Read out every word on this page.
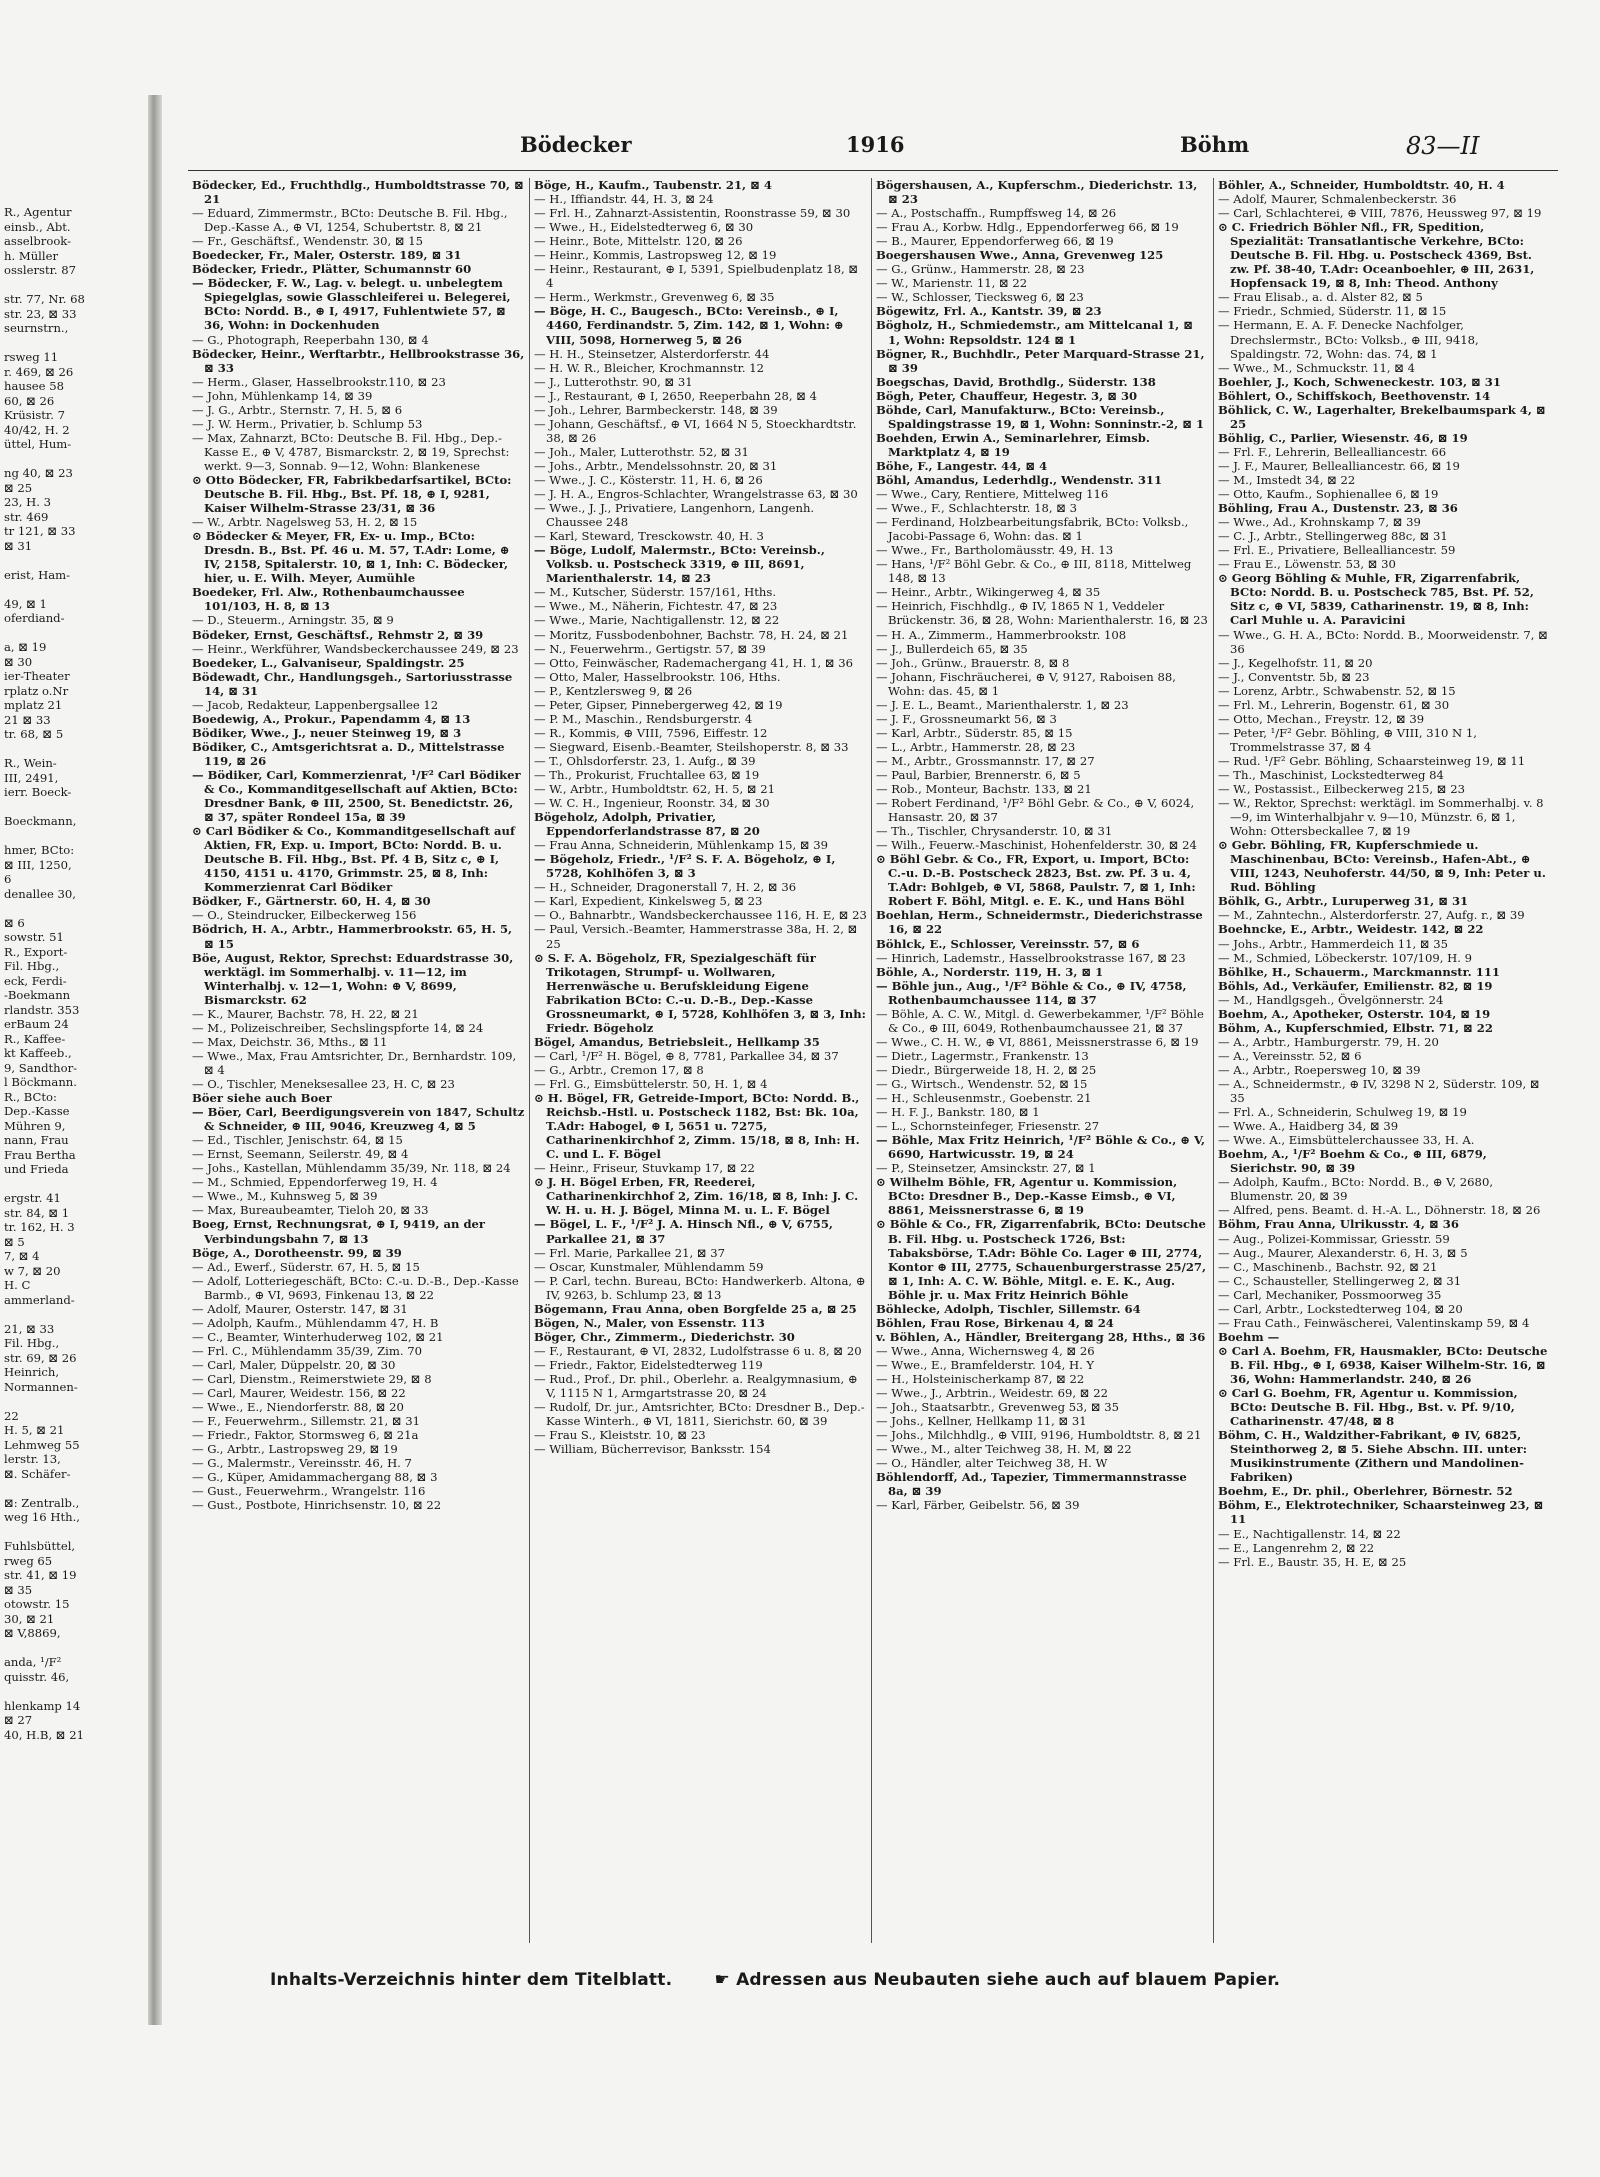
R., Agentur
einsb., Abt.
asselbrook-
h. Müller
osslerstr. 87

str. 77, Nr. 68
str. 23, ⊠ 33
seurnstrn.,

rsweg 11
r. 469, ⊠ 26
hausee 58
60, ⊠ 26
Krüsistr. 7
40/42, H. 2
üttel, Hum-

ng 40, ⊠ 23
⊠ 25
23, H. 3
str. 469
tr 121, ⊠ 33
⊠ 31

erist, Ham-

49, ⊠ 1
oferdiand-

a, ⊠ 19
⊠ 30
ier-Theater
rplatz o.Nr
mplatz 21
21 ⊠ 33
tr. 68, ⊠ 5

R., Wein-
III, 2491,
ierr. Boeck-

Boeckmann,

hmer, BCto:
⊠ III, 1250,
6
denallee 30,

⊠ 6
sowstr. 51
R., Export-
Fil. Hbg.,
eck, Ferdi-
-Boekmann
rlandstr. 353
erBaum 24
R., Kaffee-
kt Kaffeeb.,
9, Sandthor-
l Böckmann.
R., BCto:
Dep.-Kasse
Mühren 9,
nann, Frau
Frau Bertha
und Frieda

ergstr. 41
str. 84, ⊠ 1
tr. 162, H. 3
⊠ 5
7, ⊠ 4
w 7, ⊠ 20
H. C
ammerland-

21, ⊠ 33
Fil. Hbg.,
str. 69, ⊠ 26
Heinrich,
Normannen-

22
H. 5, ⊠ 21
Lehmweg 55
lerstr. 13,
⊠. Schäfer-

⊠: Zentralb.,
weg 16 Hth.,

Fuhlsbüttel,
rweg 65
str. 41, ⊠ 19
⊠ 35
otowstr. 15
30, ⊠ 21
⊠ V,8869,

anda, ¹/F²
quisstr. 46,

hlenkamp 14
⊠ 27
40, H.B, ⊠ 21
Bödecker	1916	Böhm	83—II

Bödecker, Ed., Fruchthdlg., Humboldtstrasse 70, ⊠ 21

— Eduard, Zimmermstr., BCto: Deutsche B. Fil. Hbg., Dep.-Kasse A., ⊕ VI, 1254, Schubertstr. 8, ⊠ 21

— Fr., Geschäftsf., Wendenstr. 30, ⊠ 15

Boedecker, Fr., Maler, Osterstr. 189, ⊠ 31

Bödecker, Friedr., Plätter, Schumannstr 60

— Bödecker, F. W., Lag. v. belegt. u. unbelegtem Spiegelglas, sowie Glasschleiferei u. Belegerei, BCto: Nordd. B., ⊕ I, 4917, Fuhlentwiete 57, ⊠ 36, Wohn: in Dockenhuden

— G., Photograph, Reeperbahn 130, ⊠ 4

Bödecker, Heinr., Werftarbtr., Hellbrookstrasse 36, ⊠ 33

— Herm., Glaser, Hasselbrookstr.110, ⊠ 23

— John, Mühlenkamp 14, ⊠ 39

— J. G., Arbtr., Sternstr. 7, H. 5, ⊠ 6

— J. W. Herm., Privatier, b. Schlump 53

— Max, Zahnarzt, BCto: Deutsche B. Fil. Hbg., Dep.-Kasse E., ⊕ V, 4787, Bismarckstr. 2, ⊠ 19, Sprechst: werkt. 9—3, Sonnab. 9—12, Wohn: Blankenese

⊙ Otto Bödecker, FR, Fabrikbedarfsartikel, BCto: Deutsche B. Fil. Hbg., Bst. Pf. 18, ⊕ I, 9281, Kaiser Wilhelm-Strasse 23/31, ⊠ 36

— W., Arbtr. Nagelsweg 53, H. 2, ⊠ 15

⊙ Bödecker & Meyer, FR, Ex- u. Imp., BCto: Dresdn. B., Bst. Pf. 46 u. M. 57, T.Adr: Lome, ⊕ IV, 2158, Spitalerstr. 10, ⊠ 1, Inh: C. Bödecker, hier, u. E. Wilh. Meyer, Aumühle

Boedeker, Frl. Alw., Rothenbaumchaussee 101/103, H. 8, ⊠ 13

— D., Steuerm., Arningstr. 35, ⊠ 9

Bödeker, Ernst, Geschäftsf., Rehmstr 2, ⊠ 39

— Heinr., Werkführer, Wandsbeckerchaussee 249, ⊠ 23

Boedeker, L., Galvaniseur, Spaldingstr. 25

Bödewadt, Chr., Handlungsgeh., Sartoriusstrasse 14, ⊠ 31

— Jacob, Redakteur, Lappenbergsallee 12

Boedewig, A., Prokur., Papendamm 4, ⊠ 13

Bödiker, Wwe., J., neuer Steinweg 19, ⊠ 3

Bödiker, C., Amtsgerichtsrat a. D., Mittelstrasse 119, ⊠ 26

— Bödiker, Carl, Kommerzienrat, ¹/F² Carl Bödiker & Co., Kommanditgesellschaft auf Aktien, BCto: Dresdner Bank, ⊕ III, 2500, St. Benedictstr. 26, ⊠ 37, später Rondeel 15a, ⊠ 39

⊙ Carl Bödiker & Co., Kommanditgesellschaft auf Aktien, FR, Exp. u. Import, BCto: Nordd. B. u. Deutsche B. Fil. Hbg., Bst. Pf. 4 B, Sitz c, ⊕ I, 4150, 4151 u. 4170, Grimmstr. 25, ⊠ 8, Inh: Kommerzienrat Carl Bödiker

Bödker, F., Gärtnerstr. 60, H. 4, ⊠ 30

— O., Steindrucker, Eilbeckerweg 156

Bödrich, H. A., Arbtr., Hammerbrookstr. 65, H. 5, ⊠ 15

Böe, August, Rektor, Sprechst: Eduardstrasse 30, werktägl. im Sommerhalbj. v. 11—12, im Winterhalbj. v. 12—1, Wohn: ⊕ V, 8699, Bismarckstr. 62

— K., Maurer, Bachstr. 78, H. 22, ⊠ 21

— M., Polizeischreiber, Sechslingspforte 14, ⊠ 24

— Max, Deichstr. 36, Mths., ⊠ 11

— Wwe., Max, Frau Amtsrichter, Dr., Bernhardstr. 109, ⊠ 4

— O., Tischler, Meneksesallee 23, H. C, ⊠ 23

Böer siehe auch Boer

— Böer, Carl, Beerdigungsverein von 1847, Schultz & Schneider, ⊕ III, 9046, Kreuzweg 4, ⊠ 5

— Ed., Tischler, Jenischstr. 64, ⊠ 15

— Ernst, Seemann, Seilerstr. 49, ⊠ 4

— Johs., Kastellan, Mühlendamm 35/39, Nr. 118, ⊠ 24

— M., Schmied, Eppendorferweg 19, H. 4

— Wwe., M., Kuhnsweg 5, ⊠ 39

— Max, Bureaubeamter, Tieloh 20, ⊠ 33

Boeg, Ernst, Rechnungsrat, ⊕ I, 9419, an der Verbindungsbahn 7, ⊠ 13

Böge, A., Dorotheenstr. 99, ⊠ 39

— Ad., Ewerf., Süderstr. 67, H. 5, ⊠ 15

— Adolf, Lotteriegeschäft, BCto: C.-u. D.-B., Dep.-Kasse Barmb., ⊕ VI, 9693, Finkenau 13, ⊠ 22

— Adolf, Maurer, Osterstr. 147, ⊠ 31

— Adolph, Kaufm., Mühlendamm 47, H. B

— C., Beamter, Winterhuderweg 102, ⊠ 21

— Frl. C., Mühlendamm 35/39, Zim. 70

— Carl, Maler, Düppelstr. 20, ⊠ 30

— Carl, Dienstm., Reimerstwiete 29, ⊠ 8

— Carl, Maurer, Weidestr. 156, ⊠ 22

— Wwe., E., Niendorferstr. 88, ⊠ 20

— F., Feuerwehrm., Sillemstr. 21, ⊠ 31

— Friedr., Faktor, Stormsweg 6, ⊠ 21a

— G., Arbtr., Lastropsweg 29, ⊠ 19

— G., Malermstr., Vereinsstr. 46, H. 7

— G., Küper, Amidammachergang 88, ⊠ 3

— Gust., Feuerwehrm., Wrangelstr. 116

— Gust., Postbote, Hinrichsenstr. 10, ⊠ 22

Böge, H., Kaufm., Taubenstr. 21, ⊠ 4

— H., Iffiandstr. 44, H. 3, ⊠ 24

— Frl. H., Zahnarzt-Assistentin, Roonstrasse 59, ⊠ 30

— Wwe., H., Eidelstedterweg 6, ⊠ 30

— Heinr., Bote, Mittelstr. 120, ⊠ 26

— Heinr., Kommis, Lastropsweg 12, ⊠ 19

— Heinr., Restaurant, ⊕ I, 5391, Spielbudenplatz 18, ⊠ 4

— Herm., Werkmstr., Grevenweg 6, ⊠ 35

— Böge, H. C., Baugesch., BCto: Vereinsb., ⊕ I, 4460, Ferdinandstr. 5, Zim. 142, ⊠ 1, Wohn: ⊕ VIII, 5098, Hornerweg 5, ⊠ 26

— H. H., Steinsetzer, Alsterdorferstr. 44

— H. W. R., Bleicher, Krochmannstr. 12

— J., Lutterothstr. 90, ⊠ 31

— J., Restaurant, ⊕ I, 2650, Reeperbahn 28, ⊠ 4

— Joh., Lehrer, Barmbeckerstr. 148, ⊠ 39

— Johann, Geschäftsf., ⊕ VI, 1664 N 5, Stoeckhardtstr. 38, ⊠ 26

— Joh., Maler, Lutterothstr. 52, ⊠ 31

— Johs., Arbtr., Mendelssohnstr. 20, ⊠ 31

— Wwe., J. C., Kösterstr. 11, H. 6, ⊠ 26

— J. H. A., Engros-Schlachter, Wrangelstrasse 63, ⊠ 30

— Wwe., J. J., Privatiere, Langenhorn, Langenh. Chaussee 248

— Karl, Steward, Tresckowstr. 40, H. 3

— Böge, Ludolf, Malermstr., BCto: Vereinsb., Volksb. u. Postscheck 3319, ⊕ III, 8691, Marienthalerstr. 14, ⊠ 23

— M., Kutscher, Süderstr. 157/161, Hths.

— Wwe., M., Näherin, Fichtestr. 47, ⊠ 23

— Wwe., Marie, Nachtigallenstr. 12, ⊠ 22

— Moritz, Fussbodenbohner, Bachstr. 78, H. 24, ⊠ 21

— N., Feuerwehrm., Gertigstr. 57, ⊠ 39

— Otto, Feinwäscher, Rademachergang 41, H. 1, ⊠ 36

— Otto, Maler, Hasselbrookstr. 106, Hths.

— P., Kentzlersweg 9, ⊠ 26

— Peter, Gipser, Pinnebergerweg 42, ⊠ 19

— P. M., Maschin., Rendsburgerstr. 4

— R., Kommis, ⊕ VIII, 7596, Eiffestr. 12

— Siegward, Eisenb.-Beamter, Steilshoperstr. 8, ⊠ 33

— T., Ohlsdorferstr. 23, 1. Aufg., ⊠ 39

— Th., Prokurist, Fruchtallee 63, ⊠ 19

— W., Arbtr., Humboldtstr. 62, H. 5, ⊠ 21

— W. C. H., Ingenieur, Roonstr. 34, ⊠ 30

Bögeholz, Adolph, Privatier, Eppendorferlandstrasse 87, ⊠ 20

— Frau Anna, Schneiderin, Mühlenkamp 15, ⊠ 39

— Bögeholz, Friedr., ¹/F² S. F. A. Bögeholz, ⊕ I, 5728, Kohlhöfen 3, ⊠ 3

— H., Schneider, Dragonerstall 7, H. 2, ⊠ 36

— Karl, Expedient, Kinkelsweg 5, ⊠ 23

— O., Bahnarbtr., Wandsbeckerchaussee 116, H. E, ⊠ 23

— Paul, Versich.-Beamter, Hammerstrasse 38a, H. 2, ⊠ 25

⊙ S. F. A. Bögeholz, FR, Spezialgeschäft für Trikotagen, Strumpf- u. Wollwaren, Herrenwäsche u. Berufskleidung Eigene Fabrikation BCto: C.-u. D.-B., Dep.-Kasse Grossneumarkt, ⊕ I, 5728, Kohlhöfen 3, ⊠ 3, Inh: Friedr. Bögeholz

Bögel, Amandus, Betriebsleit., Hellkamp 35

— Carl, ¹/F² H. Bögel, ⊕ 8, 7781, Parkallee 34, ⊠ 37

— G., Arbtr., Cremon 17, ⊠ 8

— Frl. G., Eimsbüttelerstr. 50, H. 1, ⊠ 4

⊙ H. Bögel, FR, Getreide-Import, BCto: Nordd. B., Reichsb.-Hstl. u. Postscheck 1182, Bst: Bk. 10a, T.Adr: Habogel, ⊕ I, 5651 u. 7275, Catharinenkirchhof 2, Zimm. 15/18, ⊠ 8, Inh: H. C. und L. F. Bögel

— Heinr., Friseur, Stuvkamp 17, ⊠ 22

⊙ J. H. Bögel Erben, FR, Reederei, Catharinenkirchhof 2, Zim. 16/18, ⊠ 8, Inh: J. C. W. H. u. H. J. Bögel, Minna M. u. L. F. Bögel

— Bögel, L. F., ¹/F² J. A. Hinsch Nfl., ⊕ V, 6755, Parkallee 21, ⊠ 37

— Frl. Marie, Parkallee 21, ⊠ 37

— Oscar, Kunstmaler, Mühlendamm 59

— P. Carl, techn. Bureau, BCto: Handwerkerb. Altona, ⊕ IV, 9263, b. Schlump 23, ⊠ 13

Bögemann, Frau Anna, oben Borgfelde 25 a, ⊠ 25

Bögen, N., Maler, von Essenstr. 113

Böger, Chr., Zimmerm., Diederichstr. 30

— F., Restaurant, ⊕ VI, 2832, Ludolfstrasse 6 u. 8, ⊠ 20

— Friedr., Faktor, Eidelstedterweg 119

— Rud., Prof., Dr. phil., Oberlehr. a. Realgymnasium, ⊕ V, 1115 N 1, Armgartstrasse 20, ⊠ 24

— Rudolf, Dr. jur., Amtsrichter, BCto: Dresdner B., Dep.-Kasse Winterh., ⊕ VI, 1811, Sierichstr. 60, ⊠ 39

— Frau S., Kleiststr. 10, ⊠ 23

— William, Bücherrevisor, Banksstr. 154

Bögershausen, A., Kupferschm., Diederichstr. 13, ⊠ 23

— A., Postschaffn., Rumpffsweg 14, ⊠ 26

— Frau A., Korbw. Hdlg., Eppendorferweg 66, ⊠ 19

— B., Maurer, Eppendorferweg 66, ⊠ 19

Boegershausen Wwe., Anna, Grevenweg 125

— G., Grünw., Hammerstr. 28, ⊠ 23

— W., Marienstr. 11, ⊠ 22

— W., Schlosser, Tiecksweg 6, ⊠ 23

Bögewitz, Frl. A., Kantstr. 39, ⊠ 23

Bögholz, H., Schmiedemstr., am Mittelcanal 1, ⊠ 1, Wohn: Repsoldstr. 124 ⊠ 1

Bögner, R., Buchhdlr., Peter Marquard-Strasse 21, ⊠ 39

Boegschas, David, Brothdlg., Süderstr. 138

Bögh, Peter, Chauffeur, Hegestr. 3, ⊠ 30

Böhde, Carl, Manufakturw., BCto: Vereinsb., Spaldingstrasse 19, ⊠ 1, Wohn: Sonninstr.-2, ⊠ 1

Boehden, Erwin A., Seminarlehrer, Eimsb. Marktplatz 4, ⊠ 19

Böhe, F., Langestr. 44, ⊠ 4

Böhl, Amandus, Lederhdlg., Wendenstr. 311

— Wwe., Cary, Rentiere, Mittelweg 116

— Wwe., F., Schlachterstr. 18, ⊠ 3

— Ferdinand, Holzbearbeitungsfabrik, BCto: Volksb., Jacobi-Passage 6, Wohn: das. ⊠ 1

— Wwe., Fr., Bartholomäusstr. 49, H. 13

— Hans, ¹/F² Böhl Gebr. & Co., ⊕ III, 8118, Mittelweg 148, ⊠ 13

— Heinr., Arbtr., Wikingerweg 4, ⊠ 35

— Heinrich, Fischhdlg., ⊕ IV, 1865 N 1, Veddeler Brückenstr. 36, ⊠ 28, Wohn: Marienthalerstr. 16, ⊠ 23

— H. A., Zimmerm., Hammerbrookstr. 108

— J., Bullerdeich 65, ⊠ 35

— Joh., Grünw., Brauerstr. 8, ⊠ 8

— Johann, Fischräucherei, ⊕ V, 9127, Raboisen 88, Wohn: das. 45, ⊠ 1

— J. E. L., Beamt., Marienthalerstr. 1, ⊠ 23

— J. F., Grossneumarkt 56, ⊠ 3

— Karl, Arbtr., Süderstr. 85, ⊠ 15

— L., Arbtr., Hammerstr. 28, ⊠ 23

— M., Arbtr., Grossmannstr. 17, ⊠ 27

— Paul, Barbier, Brennerstr. 6, ⊠ 5

— Rob., Monteur, Bachstr. 133, ⊠ 21

— Robert Ferdinand, ¹/F² Böhl Gebr. & Co., ⊕ V, 6024, Hansastr. 20, ⊠ 37

— Th., Tischler, Chrysanderstr. 10, ⊠ 31

— Wilh., Feuerw.-Maschinist, Hohenfelderstr. 30, ⊠ 24

⊙ Böhl Gebr. & Co., FR, Export, u. Import, BCto: C.-u. D.-B. Postscheck 2823, Bst. zw. Pf. 3 u. 4, T.Adr: Bohlgeb, ⊕ VI, 5868, Paulstr. 7, ⊠ 1, Inh: Robert F. Böhl, Mitgl. e. E. K., und Hans Böhl

Boehlan, Herm., Schneidermstr., Diederichstrasse 16, ⊠ 22

Böhlck, E., Schlosser, Vereinsstr. 57, ⊠ 6

— Hinrich, Lademstr., Hasselbrookstrasse 167, ⊠ 23

Böhle, A., Norderstr. 119, H. 3, ⊠ 1

— Böhle jun., Aug., ¹/F² Böhle & Co., ⊕ IV, 4758, Rothenbaumchaussee 114, ⊠ 37

— Böhle, A. C. W., Mitgl. d. Gewerbekammer, ¹/F² Böhle & Co., ⊕ III, 6049, Rothenbaumchaussee 21, ⊠ 37

— Wwe., C. H. W., ⊕ VI, 8861, Meissnerstrasse 6, ⊠ 19

— Dietr., Lagermstr., Frankenstr. 13

— Diedr., Bürgerweide 18, H. 2, ⊠ 25

— G., Wirtsch., Wendenstr. 52, ⊠ 15

— H., Schleusenmstr., Goebenstr. 21

— H. F. J., Bankstr. 180, ⊠ 1

— L., Schornsteinfeger, Friesenstr. 27

— Böhle, Max Fritz Heinrich, ¹/F² Böhle & Co., ⊕ V, 6690, Hartwicusstr. 19, ⊠ 24

— P., Steinsetzer, Amsinckstr. 27, ⊠ 1

⊙ Wilhelm Böhle, FR, Agentur u. Kommission, BCto: Dresdner B., Dep.-Kasse Eimsb., ⊕ VI, 8861, Meissnerstrasse 6, ⊠ 19

⊙ Böhle & Co., FR, Zigarrenfabrik, BCto: Deutsche B. Fil. Hbg. u. Postscheck 1726, Bst: Tabaksbörse, T.Adr: Böhle Co. Lager ⊕ III, 2774, Kontor ⊕ III, 2775, Schauenburgerstrasse 25/27, ⊠ 1, Inh: A. C. W. Böhle, Mitgl. e. E. K., Aug. Böhle jr. u. Max Fritz Heinrich Böhle

Böhlecke, Adolph, Tischler, Sillemstr. 64

Böhlen, Frau Rose, Birkenau 4, ⊠ 24

v. Böhlen, A., Händler, Breitergang 28, Hths., ⊠ 36

— Wwe., Anna, Wichernsweg 4, ⊠ 26

— Wwe., E., Bramfelderstr. 104, H. Y

— H., Holsteinischerkamp 87, ⊠ 22

— Wwe., J., Arbtrin., Weidestr. 69, ⊠ 22

— Joh., Staatsarbtr., Grevenweg 53, ⊠ 35

— Johs., Kellner, Hellkamp 11, ⊠ 31

— Johs., Milchhdlg., ⊕ VIII, 9196, Humboldtstr. 8, ⊠ 21

— Wwe., M., alter Teichweg 38, H. M, ⊠ 22

— O., Händler, alter Teichweg 38, H. W

Böhlendorff, Ad., Tapezier, Timmermannstrasse 8a, ⊠ 39

— Karl, Färber, Geibelstr. 56, ⊠ 39

Böhler, A., Schneider, Humboldtstr. 40, H. 4

— Adolf, Maurer, Schmalenbeckerstr. 36

— Carl, Schlachterei, ⊕ VIII, 7876, Heussweg 97, ⊠ 19

⊙ C. Friedrich Böhler Nfl., FR, Spedition, Spezialität: Transatlantische Verkehre, BCto: Deutsche B. Fil. Hbg. u. Postscheck 4369, Bst. zw. Pf. 38-40, T.Adr: Oceanboehler, ⊕ III, 2631, Hopfensack 19, ⊠ 8, Inh: Theod. Anthony

— Frau Elisab., a. d. Alster 82, ⊠ 5

— Friedr., Schmied, Süderstr. 11, ⊠ 15

— Hermann, E. A. F. Denecke Nachfolger, Drechslermstr., BCto: Volksb., ⊕ III, 9418, Spaldingstr. 72, Wohn: das. 74, ⊠ 1

— Wwe., M., Schmuckstr. 11, ⊠ 4

Boehler, J., Koch, Schweneckestr. 103, ⊠ 31

Böhlert, O., Schiffskoch, Beethovenstr. 14

Böhlick, C. W., Lagerhalter, Brekelbaumspark 4, ⊠ 25

Böhlig, C., Parlier, Wiesenstr. 46, ⊠ 19

— Frl. F., Lehrerin, Bellealliancestr. 66

— J. F., Maurer, Bellealliancestr. 66, ⊠ 19

— M., Imstedt 34, ⊠ 22

— Otto, Kaufm., Sophienallee 6, ⊠ 19

Böhling, Frau A., Dustenstr. 23, ⊠ 36

— Wwe., Ad., Krohnskamp 7, ⊠ 39

— C. J., Arbtr., Stellingerweg 88c, ⊠ 31

— Frl. E., Privatiere, Bellealliancestr. 59

— Frau E., Löwenstr. 53, ⊠ 30

⊙ Georg Böhling & Muhle, FR, Zigarrenfabrik, BCto: Nordd. B. u. Postscheck 785, Bst. Pf. 52, Sitz c, ⊕ VI, 5839, Catharinenstr. 19, ⊠ 8, Inh: Carl Muhle u. A. Paravicini

— Wwe., G. H. A., BCto: Nordd. B., Moorweidenstr. 7, ⊠ 36

— J., Kegelhofstr. 11, ⊠ 20

— J., Conventstr. 5b, ⊠ 23

— Lorenz, Arbtr., Schwabenstr. 52, ⊠ 15

— Frl. M., Lehrerin, Bogenstr. 61, ⊠ 30

— Otto, Mechan., Freystr. 12, ⊠ 39

— Peter, ¹/F² Gebr. Böhling, ⊕ VIII, 310 N 1, Trommelstrasse 37, ⊠ 4

— Rud. ¹/F² Gebr. Böhling, Schaarsteinweg 19, ⊠ 11

— Th., Maschinist, Lockstedterweg 84

— W., Postassist., Eilbeckerweg 215, ⊠ 23

— W., Rektor, Sprechst: werktägl. im Sommerhalbj. v. 8—9, im Winterhalbjahr v. 9—10, Münzstr. 6, ⊠ 1, Wohn: Ottersbeckallee 7, ⊠ 19

⊙ Gebr. Böhling, FR, Kupferschmiede u. Maschinenbau, BCto: Vereinsb., Hafen-Abt., ⊕ VIII, 1243, Neuhoferstr. 44/50, ⊠ 9, Inh: Peter u. Rud. Böhling

Böhlk, G., Arbtr., Luruperweg 31, ⊠ 31

— M., Zahntechn., Alsterdorferstr. 27, Aufg. r., ⊠ 39

Boehncke, E., Arbtr., Weidestr. 142, ⊠ 22

— Johs., Arbtr., Hammerdeich 11, ⊠ 35

— M., Schmied, Löbeckerstr. 107/109, H. 9

Böhlke, H., Schauerm., Marckmannstr. 111

Böhls, Ad., Verkäufer, Emilienstr. 82, ⊠ 19

— M., Handlgsgeh., Övelgönnerstr. 24

Boehm, A., Apotheker, Osterstr. 104, ⊠ 19

Böhm, A., Kupferschmied, Elbstr. 71, ⊠ 22

— A., Arbtr., Hamburgerstr. 79, H. 20

— A., Vereinsstr. 52, ⊠ 6

— A., Arbtr., Roepersweg 10, ⊠ 39

— A., Schneidermstr., ⊕ IV, 3298 N 2, Süderstr. 109, ⊠ 35

— Frl. A., Schneiderin, Schulweg 19, ⊠ 19

— Wwe. A., Haidberg 34, ⊠ 39

— Wwe. A., Eimsbüttelerchaussee 33, H. A.

Boehm, A., ¹/F² Boehm & Co., ⊕ III, 6879, Sierichstr. 90, ⊠ 39

— Adolph, Kaufm., BCto: Nordd. B., ⊕ V, 2680, Blumenstr. 20, ⊠ 39

— Alfred, pens. Beamt. d. H.-A. L., Döhnerstr. 18, ⊠ 26

Böhm, Frau Anna, Ulrikusstr. 4, ⊠ 36

— Aug., Polizei-Kommissar, Griesstr. 59

— Aug., Maurer, Alexanderstr. 6, H. 3, ⊠ 5

— C., Maschinenb., Bachstr. 92, ⊠ 21

— C., Schausteller, Stellingerweg 2, ⊠ 31

— Carl, Mechaniker, Possmoorweg 35

— Carl, Arbtr., Lockstedterweg 104, ⊠ 20

— Frau Cath., Feinwäscherei, Valentinskamp 59, ⊠ 4

Boehm —

⊙ Carl A. Boehm, FR, Hausmakler, BCto: Deutsche B. Fil. Hbg., ⊕ I, 6938, Kaiser Wilhelm-Str. 16, ⊠ 36, Wohn: Hammerlandstr. 240, ⊠ 26

⊙ Carl G. Boehm, FR, Agentur u. Kommission, BCto: Deutsche B. Fil. Hbg., Bst. v. Pf. 9/10, Catharinenstr. 47/48, ⊠ 8

Böhm, C. H., Waldzither-Fabrikant, ⊕ IV, 6825, Steinthorweg 2, ⊠ 5. Siehe Abschn. III. unter: Musikinstrumente (Zithern und Mandolinen-Fabriken)

Boehm, E., Dr. phil., Oberlehrer, Börnestr. 52

Böhm, E., Elektrotechniker, Schaarsteinweg 23, ⊠ 11

— E., Nachtigallenstr. 14, ⊠ 22

— E., Langenrehm 2, ⊠ 22

— Frl. E., Baustr. 35, H. E, ⊠ 25

Inhalts-Verzeichnis hinter dem Titelblatt. ☛ Adressen aus Neubauten siehe auch auf blauem Papier.
